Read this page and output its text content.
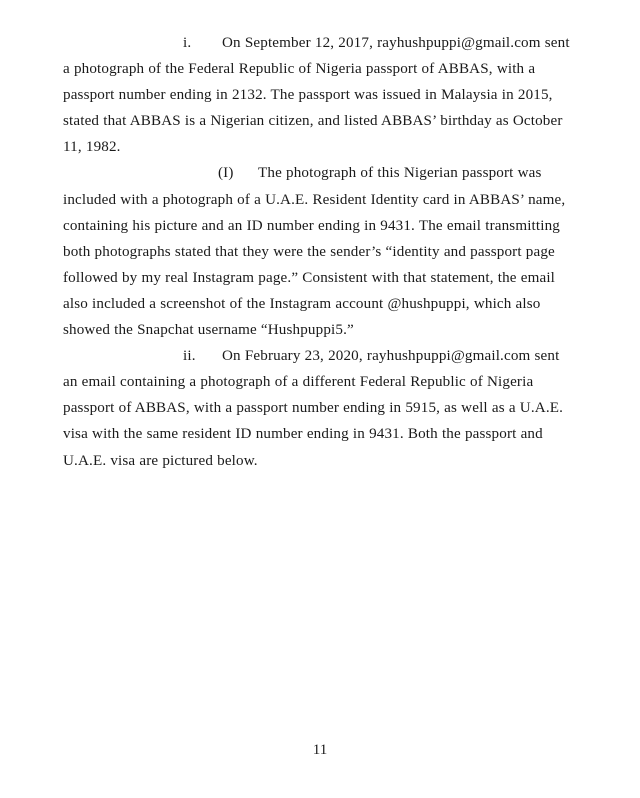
i. On September 12, 2017, rayhushpuppi@gmail.com sent a photograph of the Federal Republic of Nigeria passport of ABBAS, with a passport number ending in 2132. The passport was issued in Malaysia in 2015, stated that ABBAS is a Nigerian citizen, and listed ABBAS’ birthday as October 11, 1982.

(I) The photograph of this Nigerian passport was included with a photograph of a U.A.E. Resident Identity card in ABBAS’ name, containing his picture and an ID number ending in 9431. The email transmitting both photographs stated that they were the sender’s “identity and passport page followed by my real Instagram page.” Consistent with that statement, the email also included a screenshot of the Instagram account @hushpuppi, which also showed the Snapchat username “Hushpuppi5.”

ii. On February 23, 2020, rayhushpuppi@gmail.com sent an email containing a photograph of a different Federal Republic of Nigeria passport of ABBAS, with a passport number ending in 5915, as well as a U.A.E. visa with the same resident ID number ending in 9431. Both the passport and U.A.E. visa are pictured below.

11
